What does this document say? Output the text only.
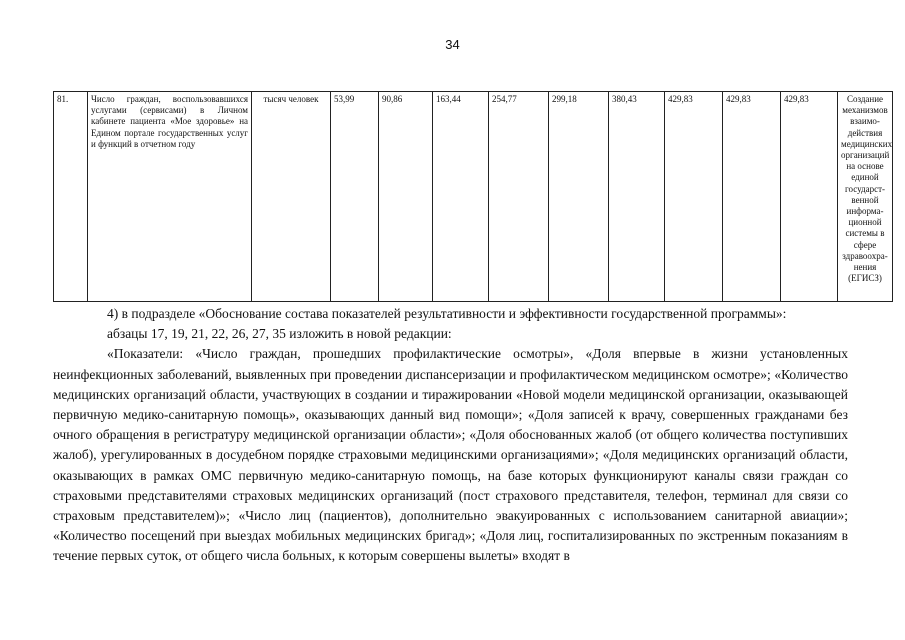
34
81.	Число граждан, воспользовавшихся услугами (сервисами) в Личном кабинете пациента «Мое здоровье» на Едином портале государственных услуг и функций в отчетном году	тысяч человек	53,99	90,86	163,44	254,77	299,18	380,43	429,83	429,83	429,83	Создание механизмов взаимо-действия медицинских организаций на основе единой государст-венной информа-ционной системы в сфере здравоохра-нения (ЕГИСЗ)

4) в подразделе «Обоснование состава показателей результативности и эффективности государственной программы»:

абзацы 17, 19, 21, 22, 26, 27, 35 изложить в новой редакции:

«Показатели: «Число граждан, прошедших профилактические осмотры», «Доля впервые в жизни установленных неинфекционных заболеваний, выявленных при проведении диспансеризации и профилактическом медицинском осмотре»; «Количество медицинских организаций области, участвующих в создании и тиражировании «Новой модели медицинской организации, оказывающей первичную медико-санитарную помощь», оказывающих данный вид помощи»; «Доля записей к врачу, совершенных гражданами без очного обращения в регистратуру медицинской организации области»; «Доля обоснованных жалоб (от общего количества поступивших жалоб), урегулированных в досудебном порядке страховыми медицинскими организациями»; «Доля медицинских организаций области, оказывающих в рамках ОМС первичную медико-санитарную помощь, на базе которых функционируют каналы связи граждан со страховыми представителями страховых медицинских организаций (пост страхового представителя, телефон, терминал для связи со страховым представителем)»; «Число лиц (пациентов), дополнительно эвакуированных с использованием санитарной авиации»; «Количество посещений при выездах мобильных медицинских бригад»; «Доля лиц, госпитализированных по экстренным показаниям в течение первых суток, от общего числа больных, к которым совершены вылеты» входят в
